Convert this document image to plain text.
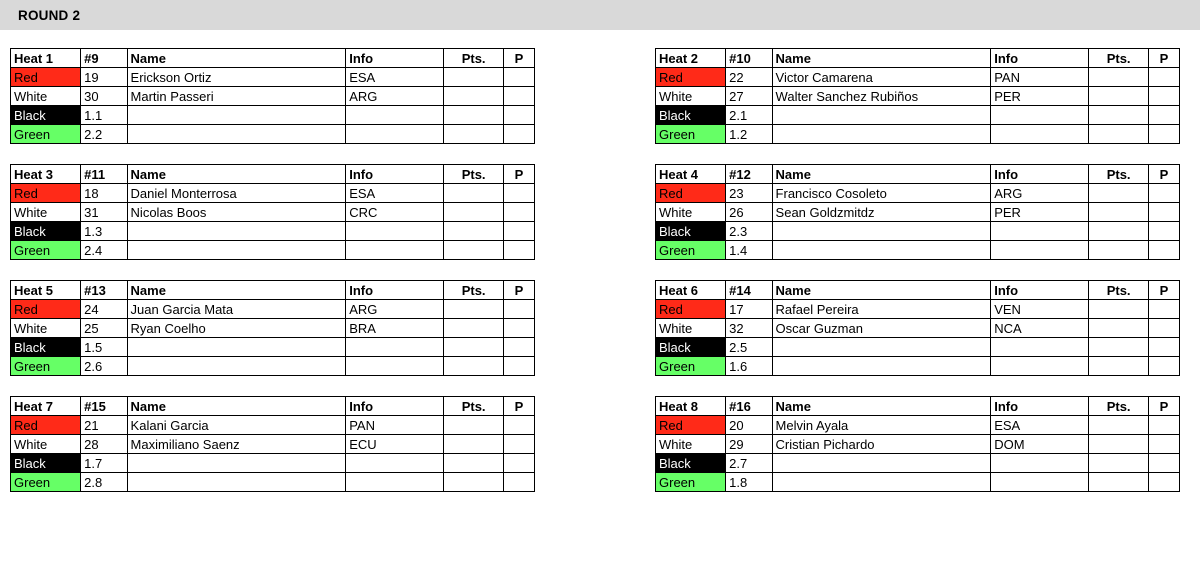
ROUND 2
Heat 1	#9	Name	Info	Pts.	P
Red	19	Erickson Ortiz	ESA		
White	30	Martin Passeri	ARG		
Black	1.1				
Green	2.2				
Heat 2	#10	Name	Info	Pts.	P
Red	22	Victor Camarena	PAN		
White	27	Walter Sanchez Rubiños	PER		
Black	2.1				
Green	1.2				
Heat 3	#11	Name	Info	Pts.	P
Red	18	Daniel Monterrosa	ESA		
White	31	Nicolas Boos	CRC		
Black	1.3				
Green	2.4				
Heat 4	#12	Name	Info	Pts.	P
Red	23	Francisco Cosoleto	ARG		
White	26	Sean Goldzmitdz	PER		
Black	2.3				
Green	1.4				
Heat 5	#13	Name	Info	Pts.	P
Red	24	Juan Garcia Mata	ARG		
White	25	Ryan Coelho	BRA		
Black	1.5				
Green	2.6				
Heat 6	#14	Name	Info	Pts.	P
Red	17	Rafael Pereira	VEN		
White	32	Oscar Guzman	NCA		
Black	2.5				
Green	1.6				
Heat 7	#15	Name	Info	Pts.	P
Red	21	Kalani Garcia	PAN		
White	28	Maximiliano Saenz	ECU		
Black	1.7				
Green	2.8				
Heat 8	#16	Name	Info	Pts.	P
Red	20	Melvin Ayala	ESA		
White	29	Cristian Pichardo	DOM		
Black	2.7				
Green	1.8				
